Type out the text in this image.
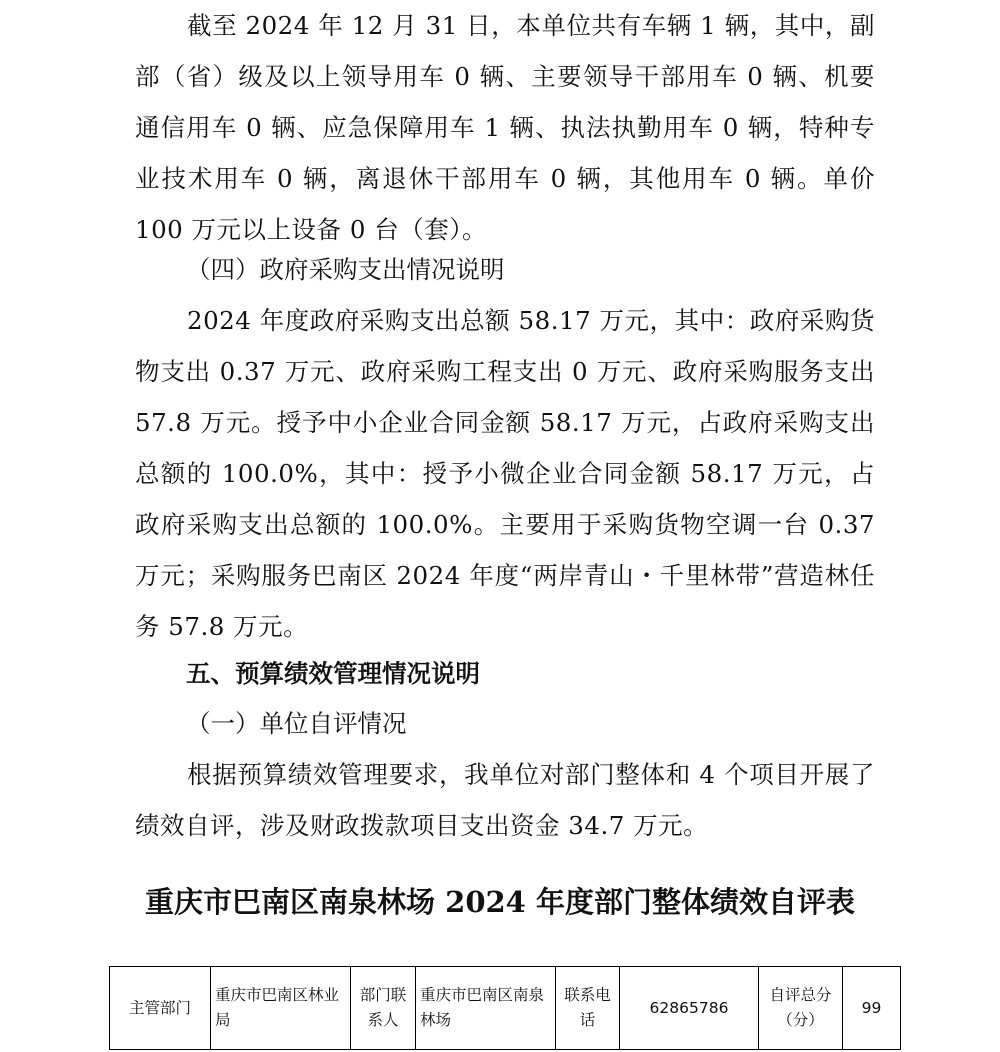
截至 2024 年 12 月 31 日，本单位共有车辆 1 辆，其中，副部（省）级及以上领导用车 0 辆、主要领导干部用车 0 辆、机要通信用车 0 辆、应急保障用车 1 辆、执法执勤用车 0 辆，特种专业技术用车 0 辆，离退休干部用车 0 辆，其他用车 0 辆。单价 100 万元以上设备 0 台（套）。

（四）政府采购支出情况说明

2024 年度政府采购支出总额 58.17 万元，其中：政府采购货物支出 0.37 万元、政府采购工程支出 0 万元、政府采购服务支出 57.8 万元。授予中小企业合同金额 58.17 万元，占政府采购支出总额的 100.0%，其中：授予小微企业合同金额 58.17 万元，占政府采购支出总额的 100.0%。主要用于采购货物空调一台 0.37 万元；采购服务巴南区 2024 年度“两岸青山・千里林带”营造林任务 57.8 万元。

五、预算绩效管理情况说明

（一）单位自评情况

根据预算绩效管理要求，我单位对部门整体和 4 个项目开展了绩效自评，涉及财政拨款项目支出资金 34.7 万元。

重庆市巴南区南泉林场 2024 年度部门整体绩效自评表

主管部门	重庆市巴南区林业局	部门联系人	重庆市巴南区南泉林场	联系电话	62865786	自评总分（分）	99
